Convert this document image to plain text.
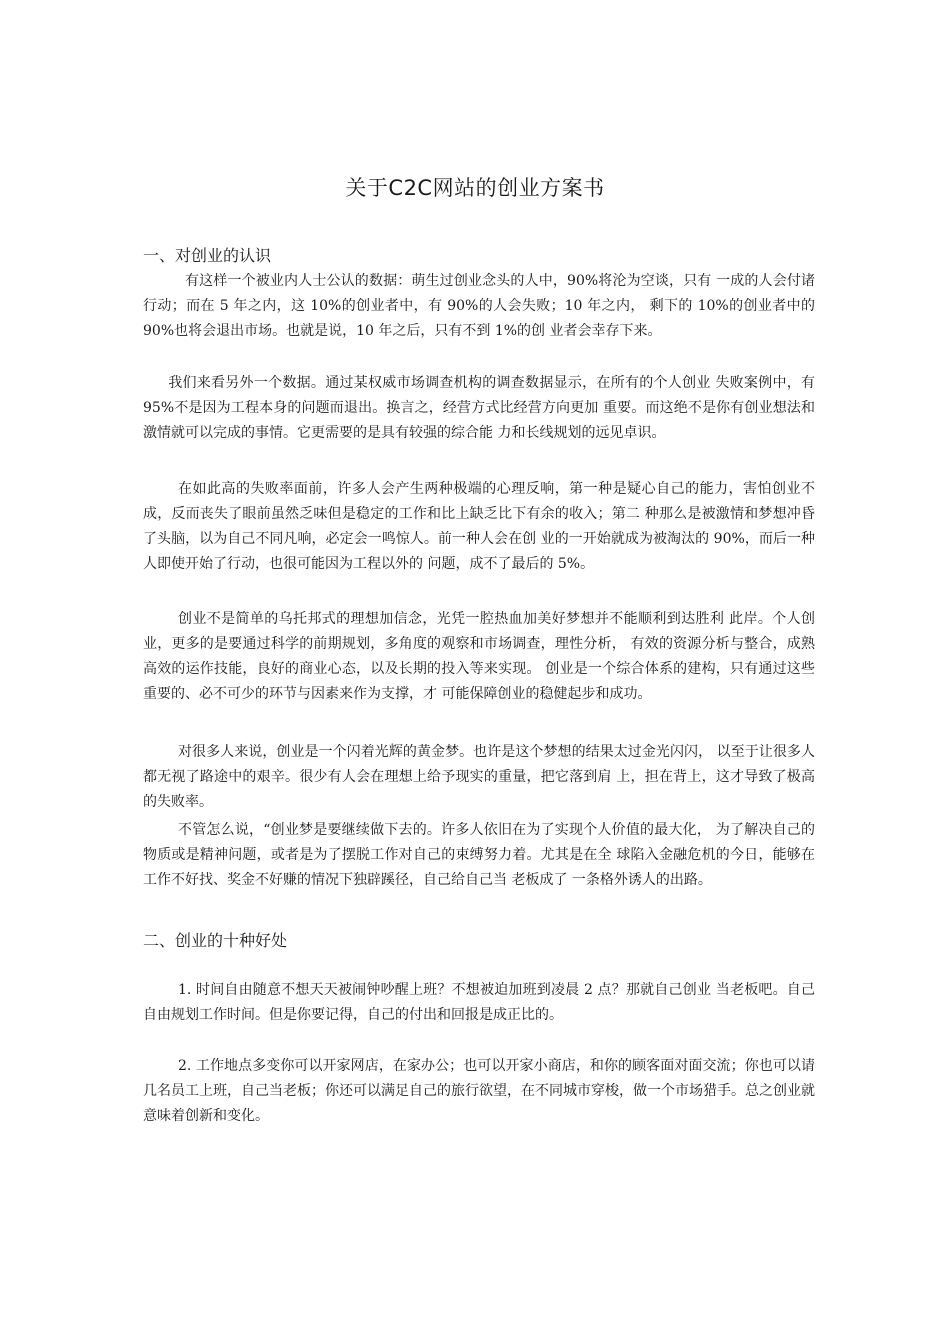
关于C2C网站的创业方案书
一、对创业的认识
有这样一个被业内人士公认的数据：萌生过创业念头的人中，90%将沦为空谈，只有 一成的人会付诸行动；而在 5 年之内，这 10%的创业者中，有 90%的人会失败；10 年之内， 剩下的 10%的创业者中的 90%也将会退出市场。也就是说，10 年之后，只有不到 1%的创 业者会幸存下来。
我们来看另外一个数据。通过某权威市场调查机构的调查数据显示，在所有的个人创业 失败案例中，有 95%不是因为工程本身的问题而退出。换言之，经营方式比经营方向更加 重要。而这绝不是你有创业想法和激情就可以完成的事情。它更需要的是具有较强的综合能 力和长线规划的远见卓识。
在如此高的失败率面前，许多人会产生两种极端的心理反响，第一种是疑心自己的能力，害怕创业不成，反而丧失了眼前虽然乏味但是稳定的工作和比上缺乏比下有余的收入；第二 种那么是被激情和梦想冲昏了头脑，以为自己不同凡响，必定会一鸣惊人。前一种人会在创 业的一开始就成为被淘汰的 90%，而后一种人即使开始了行动，也很可能因为工程以外的 问题，成不了最后的 5%。
创业不是简单的乌托邦式的理想加信念，光凭一腔热血加美好梦想并不能顺利到达胜利 此岸。个人创业，更多的是要通过科学的前期规划，多角度的观察和市场调查，理性分析， 有效的资源分析与整合，成熟高效的运作技能，良好的商业心态，以及长期的投入等来实现。 创业是一个综合体系的建构，只有通过这些重要的、必不可少的环节与因素来作为支撑，才 可能保障创业的稳健起步和成功。
对很多人来说，创业是一个闪着光辉的黄金梦。也许是这个梦想的结果太过金光闪闪， 以至于让很多人都无视了路途中的艰辛。很少有人会在理想上给予现实的重量，把它落到肩 上，担在背上，这才导致了极高的失败率。
不管怎么说，“创业梦是要继续做下去的。许多人依旧在为了实现个人价值的最大化， 为了解决自己的物质或是精神问题，或者是为了摆脱工作对自己的束缚努力着。尤其是在全 球陷入金融危机的今日，能够在工作不好找、奖金不好赚的情况下独辟蹊径，自己给自己当 老板成了 一条格外诱人的出路。
二、创业的十种好处
1. 时间自由随意不想天天被闹钟吵醒上班？不想被迫加班到凌晨 2 点？那就自己创业 当老板吧。自己自由规划工作时间。但是你要记得，自己的付出和回报是成正比的。
2. 工作地点多变你可以开家网店，在家办公；也可以开家小商店，和你的顾客面对面交流；你也可以请几名员工上班，自己当老板；你还可以满足自己的旅行欲望，在不同城市穿梭，做一个市场猎手。总之创业就意味着创新和变化。
